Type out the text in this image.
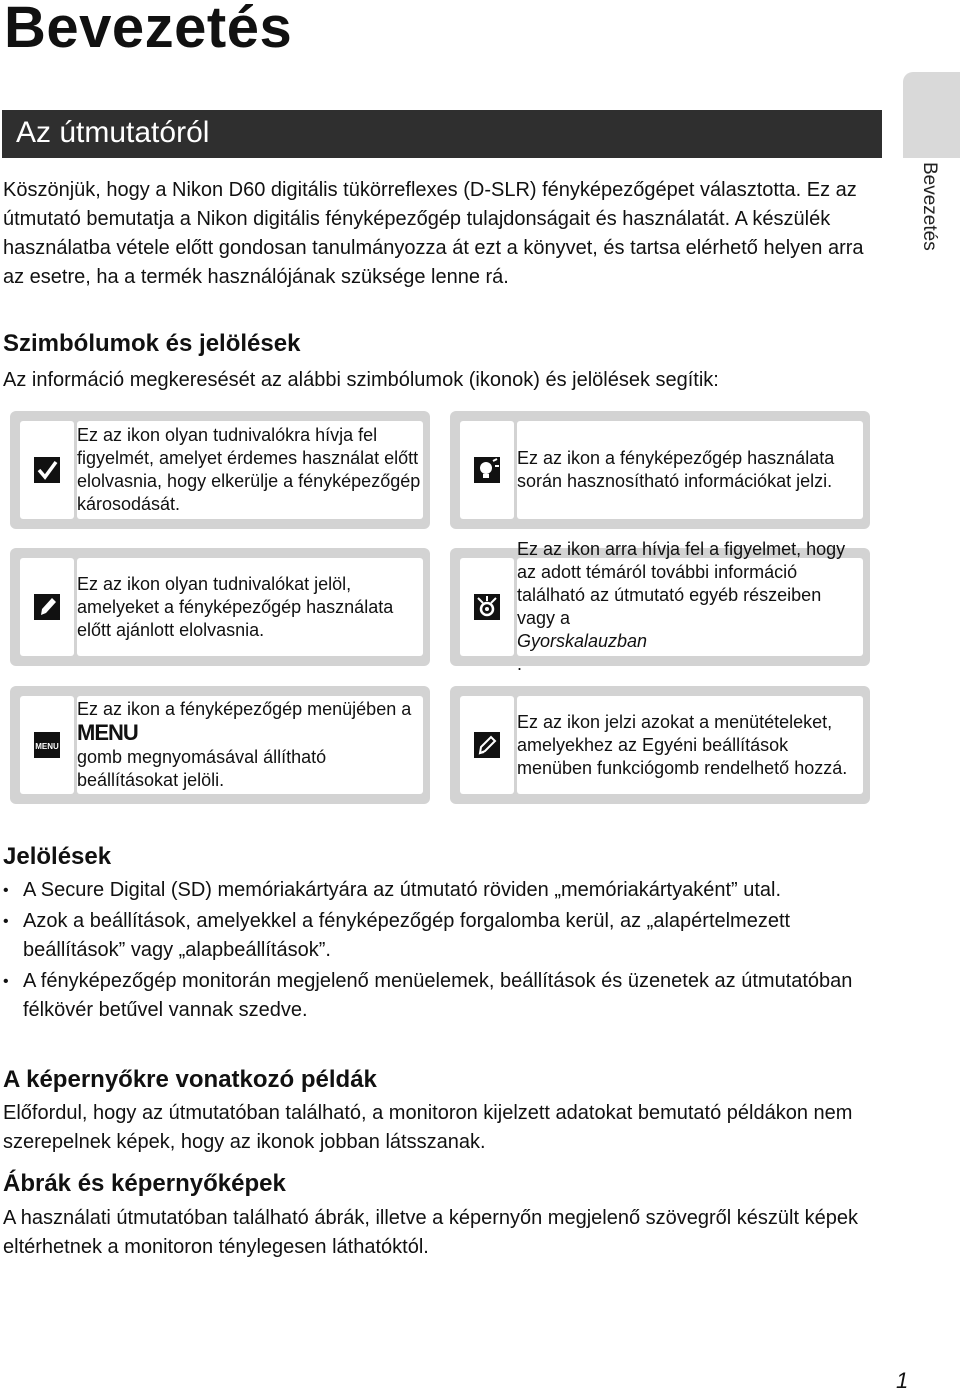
Bevezetés
Bevezetés
Az útmutatóról

Köszönjük, hogy a Nikon D60 digitális tükörreflexes (D-SLR) fényképezőgépet választotta. Ez az útmutató bemutatja a Nikon digitális fényképezőgép tulajdonságait és használatát. A készülék használatba vétele előtt gondosan tanulmányozza át ezt a könyvet, és tartsa elérhető helyen arra az esetre, ha a termék használójának szüksége lenne rá.

Szimbólumok és jelölések

Az információ megkeresését az alábbi szimbólumok (ikonok) és jelölések segítik:

Ez az ikon olyan tudnivalókra hívja fel figyelmét, amelyet érdemes használat előtt elolvasnia, hogy elkerülje a fényképezőgép károsodását.
Ez az ikon a fényképezőgép használata során hasznosítható információkat jelzi.
Ez az ikon olyan tudnivalókat jelöl, amelyeket a fényképezőgép használata előtt ajánlott elolvasnia.
Ez az ikon arra hívja fel a figyelmet, hogy az adott témáról további információ található az útmutató egyéb részeiben vagy a
Gyorskalauzban
.
MENU
Ez az ikon a fényképezőgép menüjében a
MENU
gomb megnyomásával állítható beállításokat jelöli.
Ez az ikon jelzi azokat a menütételeket, amelyekhez az Egyéni beállítások menüben funkciógomb rendelhető hozzá.
Jelölések
• A Secure Digital (SD) memóriakártyára az útmutató röviden „memóriakártyaként” utal.
• Azok a beállítások, amelyekkel a fényképezőgép forgalomba kerül, az „alapértelmezett beállítások” vagy „alapbeállítások”.
• A fényképezőgép monitorán megjelenő menüelemek, beállítások és üzenetek az útmutatóban félkövér betűvel vannak szedve.
A képernyőkre vonatkozó példák

Előfordul, hogy az útmutatóban található, a monitoron kijelzett adatokat bemutató példákon nem szerepelnek képek, hogy az ikonok jobban látsszanak.

Ábrák és képernyőképek

A használati útmutatóban található ábrák, illetve a képernyőn megjelenő szövegről készült képek eltérhetnek a monitoron ténylegesen láthatóktól.

1
